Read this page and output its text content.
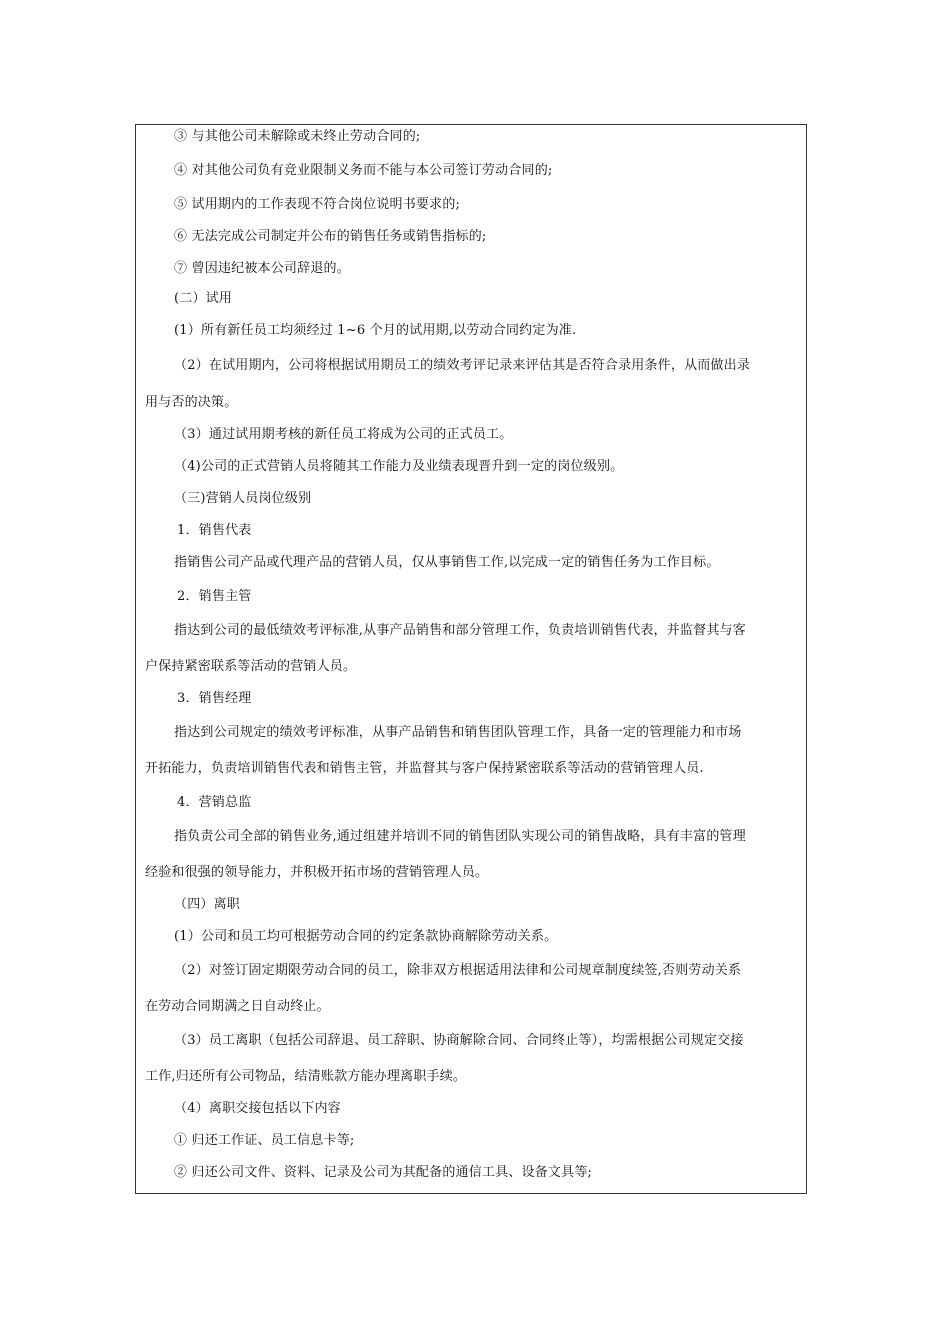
③ 与其他公司未解除或未终止劳动合同的;
④ 对其他公司负有竞业限制义务而不能与本公司签订劳动合同的;
⑤ 试用期内的工作表现不符合岗位说明书要求的;
⑥ 无法完成公司制定并公布的销售任务或销售指标的;
⑦ 曾因违纪被本公司辞退的。
(二）试用
(1）所有新任员工均须经过 1~6 个月的试用期,以劳动合同约定为准.
（2）在试用期内，公司将根据试用期员工的绩效考评记录来评估其是否符合录用条件，从而做出录
用与否的决策。
（3）通过试用期考核的新任员工将成为公司的正式员工。
（4)公司的正式营销人员将随其工作能力及业绩表现晋升到一定的岗位级别。
（三)营销人员岗位级别
1．销售代表
指销售公司产品或代理产品的营销人员，仅从事销售工作,以完成一定的销售任务为工作目标。
2．销售主管
指达到公司的最低绩效考评标准,从事产品销售和部分管理工作，负责培训销售代表，并监督其与客
户保持紧密联系等活动的营销人员。
3．销售经理
指达到公司规定的绩效考评标准，从事产品销售和销售团队管理工作，具备一定的管理能力和市场
开拓能力，负责培训销售代表和销售主管，并监督其与客户保持紧密联系等活动的营销管理人员.
4．营销总监
指负责公司全部的销售业务,通过组建并培训不同的销售团队实现公司的销售战略，具有丰富的管理
经验和很强的领导能力，并积极开拓市场的营销管理人员。
（四）离职
(1）公司和员工均可根据劳动合同的约定条款协商解除劳动关系。
（2）对签订固定期限劳动合同的员工，除非双方根据适用法律和公司规章制度续签,否则劳动关系
在劳动合同期满之日自动终止。
（3）员工离职（包括公司辞退、员工辞职、协商解除合同、合同终止等），均需根据公司规定交接
工作,归还所有公司物品，结清账款方能办理离职手续。
（4）离职交接包括以下内容
① 归还工作证、员工信息卡等;
② 归还公司文件、资料、记录及公司为其配备的通信工具、设备文具等;
